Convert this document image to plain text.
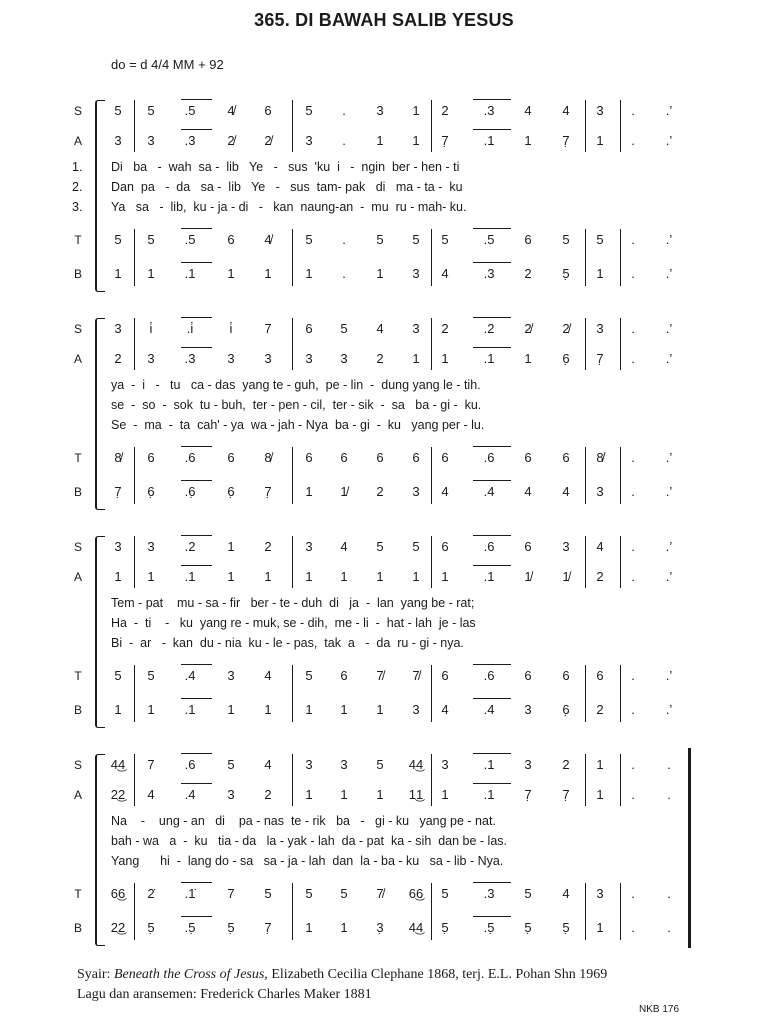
365. DI BAWAH SALIB YESUS
do = d 4/4 MM + 92
S	5	5	.5	4̸	6	5	.	3	1	2	.3	4	4	3	.	.’
A	3	3	.3	2̸	2̸	3	.	1	1	7̣	.1	1	7̣	1	.	.’
T	5	5	.5	6	4̸	5	.	5	5	5	.5	6	5	5	.	.’
B	1	1	.1	1	1	1	.	1	3	4	.3	2	5̣	1	.	.’
1. Di   ba   -  wah  sa -  lib   Ye   -   sus  'ku  i   -  ngin  ber - hen - ti
2. Dan  pa   -  da   sa -  lib   Ye   -   sus  tam- pak   di   ma - ta -  ku
3. Ya   sa   -  lib,  ku - ja - di   -   kan  naung-an  -  mu  ru - mah- ku.
S	3	i̇	.i̇	i̇	7	6	5	4	3	2	.2	2̸	2̸	3	.	.’
A	2	3	.3	3	3	3	3	2	1	1	.1	1	6̣	7̣	.	.’
T	8̸	6	.6	6	8̸	6	6	6	6	6	.6	6	6	8̸	.	.’
B	7̣	6̣	.6̣	6̣	7̣	1	1̸	2	3	4	.4	4	4	3	.	.’
ya  -  i   -   tu   ca - das  yang te - guh,  pe - lin  -  dung yang le - tih.
se  -  so  -  sok  tu - buh,  ter - pen - cil,  ter - sik  -  sa   ba - gi -  ku.
Se  -  ma  -  ta  cah' - ya  wa - jah - Nya  ba - gi  -  ku   yang per - lu.
S	3	3	.2	1	2	3	4	5	5	6	.6	6	3	4	.	.’
A	1	1	.1	1	1	1	1	1	1	1	.1	1̸	1̸	2	.	.’
T	5	5	.4	3	4	5	6	7̸	7̸	6	.6	6	6	6	.	.’
B	1	1	.1	1	1	1	1	1	3	4	.4	3	6̣	2	.	.’
Tem - pat    mu - sa - fir   ber - te - duh  di   ja  -  lan  yang be - rat;
Ha  -  ti    -   ku  yang re - muk, se - dih,  me - li  -  hat - lah  je - las
Bi  -  ar   -  kan  du - nia  ku - le - pas,  tak  a   -  da  ru - gi - nya.
S	4͜4	7	.6	5	4	3	3	5	4͜4	3	.1	3	2	1	.	.
A	2͜2	4	.4	3	2	1	1	1	1͜1	1	.1	7̣	7̣	1	.	.
T	6͜6	2̇	.1̇	7	5	5	5	7̸	6͜6	5	.3	5	4	3	.	.
B	2͜2	5̣	.5̣	5̣	7̣	1	1	3̣	4͜4	5̣	.5̣	5̣	5̣	1	.	.
Na    -    ung - an   di    pa - nas  te - rik   ba   -   gi - ku   yang pe - nat.
bah - wa   a  -  ku   tia - da   la - yak - lah  da - pat  ka - sih  dan be - las.
Yang      hi  -  lang do - sa   sa - ja - lah  dan  la - ba - ku   sa - lib - Nya.
Syair: Beneath the Cross of Jesus, Elizabeth Cecilia Clephane 1868, terj. E.L. Pohan Shn 1969
Lagu dan aransemen: Frederick Charles Maker 1881
NKB 176
